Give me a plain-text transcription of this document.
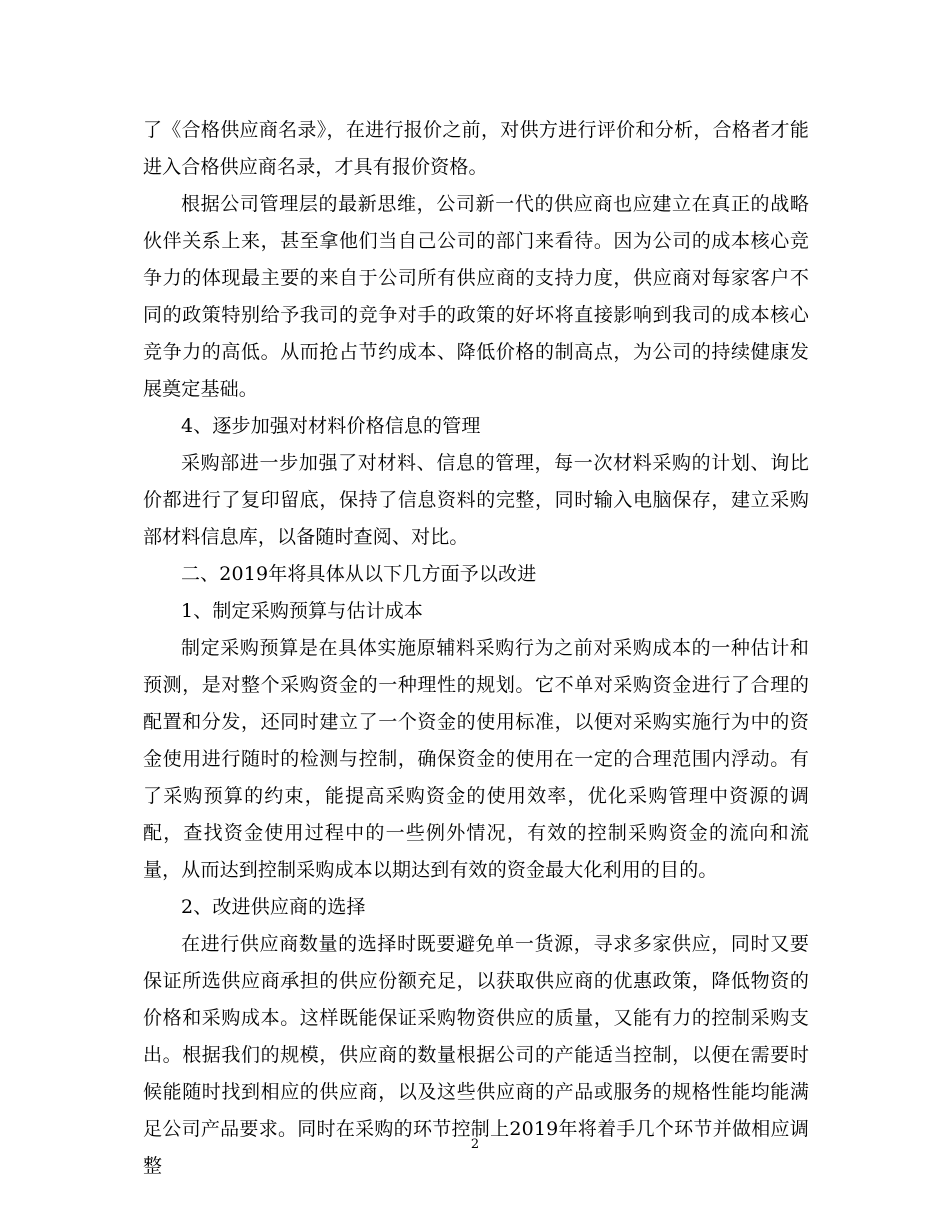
了《合格供应商名录》，在进行报价之前，对供方进行评价和分析，合格者才能进入合格供应商名录，才具有报价资格。

根据公司管理层的最新思维，公司新一代的供应商也应建立在真正的战略伙伴关系上来，甚至拿他们当自己公司的部门来看待。因为公司的成本核心竞争力的体现最主要的来自于公司所有供应商的支持力度，供应商对每家客户不同的政策特别给予我司的竞争对手的政策的好坏将直接影响到我司的成本核心竞争力的高低。从而抢占节约成本、降低价格的制高点，为公司的持续健康发展奠定基础。

4、逐步加强对材料价格信息的管理

采购部进一步加强了对材料、信息的管理，每一次材料采购的计划、询比价都进行了复印留底，保持了信息资料的完整，同时输入电脑保存，建立采购部材料信息库，以备随时查阅、对比。

二、2019年将具体从以下几方面予以改进

1、制定采购预算与估计成本

制定采购预算是在具体实施原辅料采购行为之前对采购成本的一种估计和预测，是对整个采购资金的一种理性的规划。它不单对采购资金进行了合理的配置和分发，还同时建立了一个资金的使用标准，以便对采购实施行为中的资金使用进行随时的检测与控制，确保资金的使用在一定的合理范围内浮动。有了采购预算的约束，能提高采购资金的使用效率，优化采购管理中资源的调配，查找资金使用过程中的一些例外情况，有效的控制采购资金的流向和流量，从而达到控制采购成本以期达到有效的资金最大化利用的目的。

2、改进供应商的选择

在进行供应商数量的选择时既要避免单一货源，寻求多家供应，同时又要保证所选供应商承担的供应份额充足，以获取供应商的优惠政策，降低物资的价格和采购成本。这样既能保证采购物资供应的质量，又能有力的控制采购支出。根据我们的规模，供应商的数量根据公司的产能适当控制，以便在需要时候能随时找到相应的供应商，以及这些供应商的产品或服务的规格性能均能满足公司产品要求。同时在采购的环节控制上2019年将着手几个环节并做相应调整

2
